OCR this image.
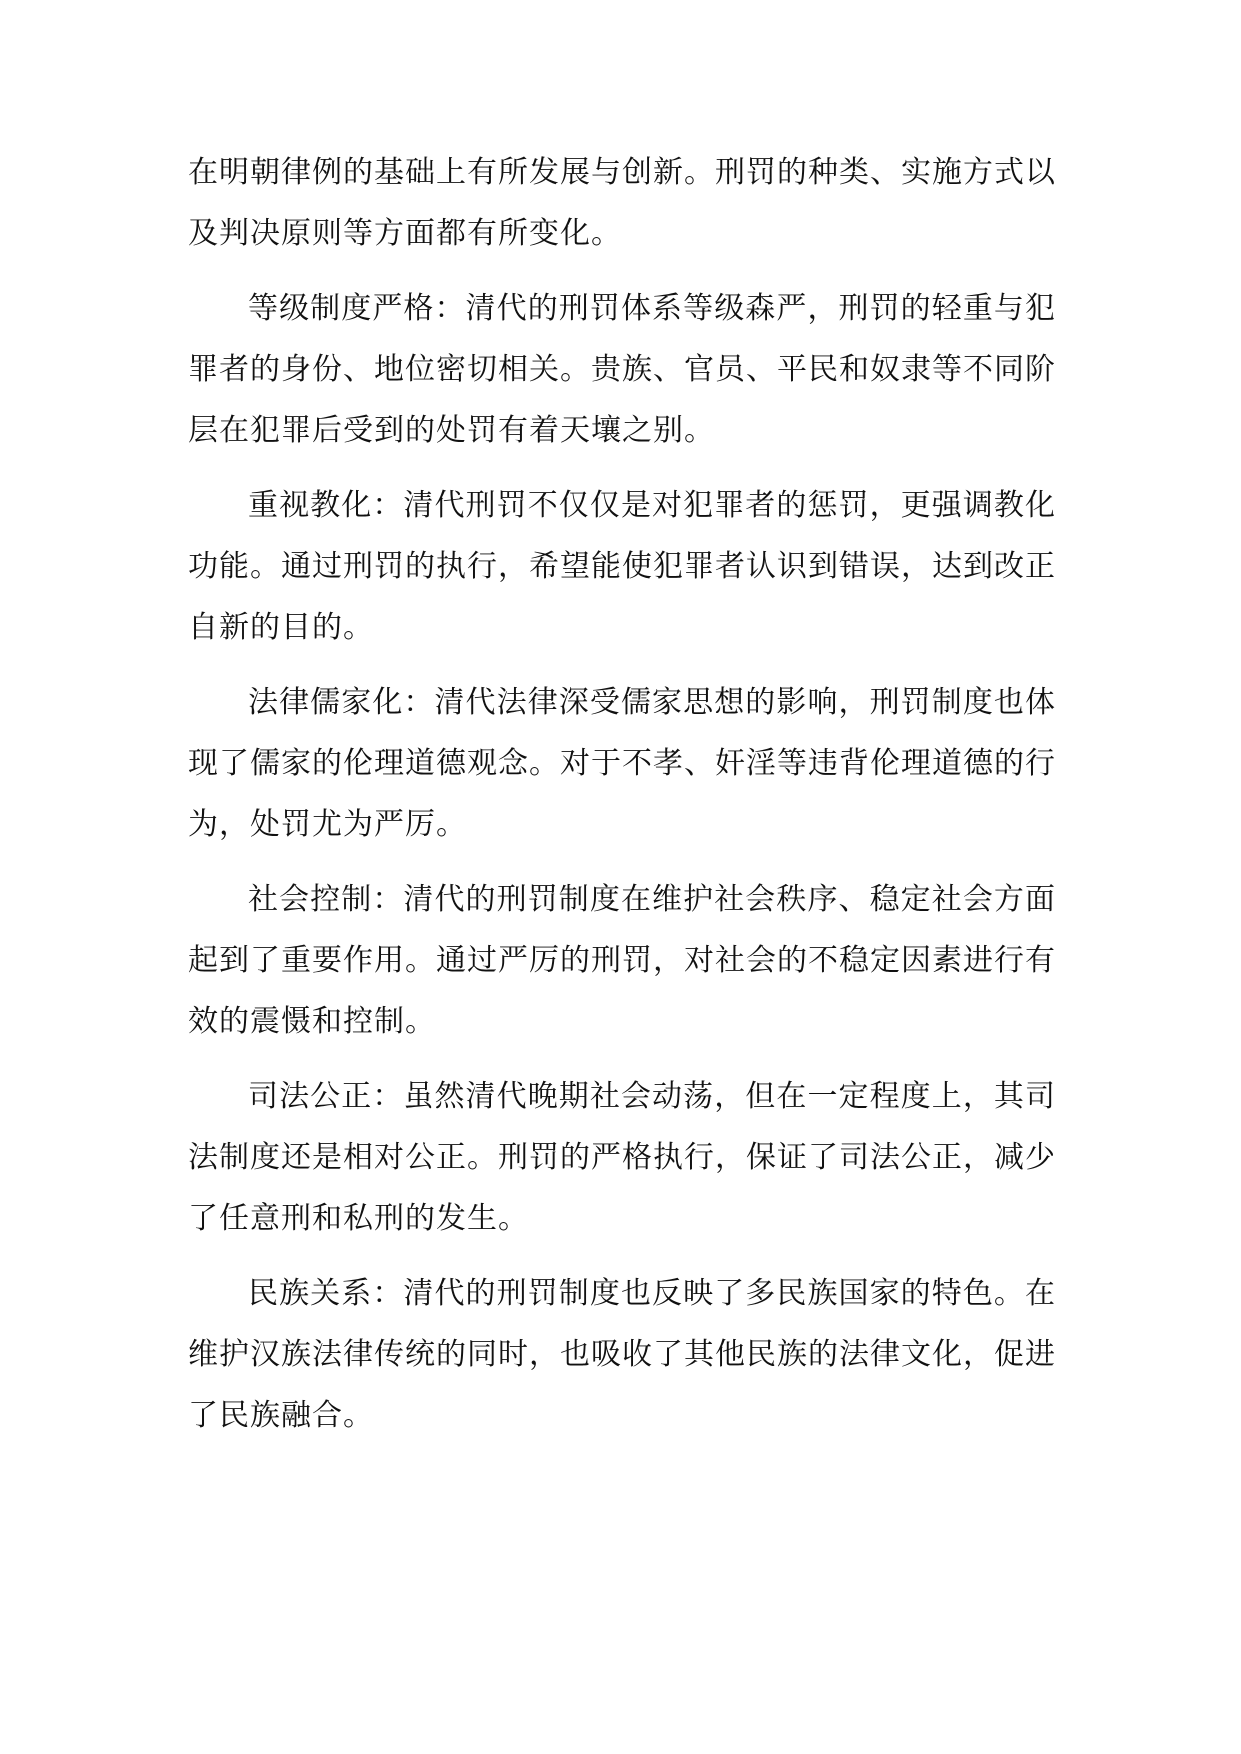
在明朝律例的基础上有所发展与创新。刑罚的种类、实施方式以及判决原则等方面都有所变化。

等级制度严格：清代的刑罚体系等级森严，刑罚的轻重与犯罪者的身份、地位密切相关。贵族、官员、平民和奴隶等不同阶层在犯罪后受到的处罚有着天壤之别。

重视教化：清代刑罚不仅仅是对犯罪者的惩罚，更强调教化功能。通过刑罚的执行，希望能使犯罪者认识到错误，达到改正自新的目的。

法律儒家化：清代法律深受儒家思想的影响，刑罚制度也体现了儒家的伦理道德观念。对于不孝、奸淫等违背伦理道德的行为，处罚尤为严厉。

社会控制：清代的刑罚制度在维护社会秩序、稳定社会方面起到了重要作用。通过严厉的刑罚，对社会的不稳定因素进行有效的震慑和控制。

司法公正：虽然清代晚期社会动荡，但在一定程度上，其司法制度还是相对公正。刑罚的严格执行，保证了司法公正，减少了任意刑和私刑的发生。

民族关系：清代的刑罚制度也反映了多民族国家的特色。在维护汉族法律传统的同时，也吸收了其他民族的法律文化，促进了民族融合。
